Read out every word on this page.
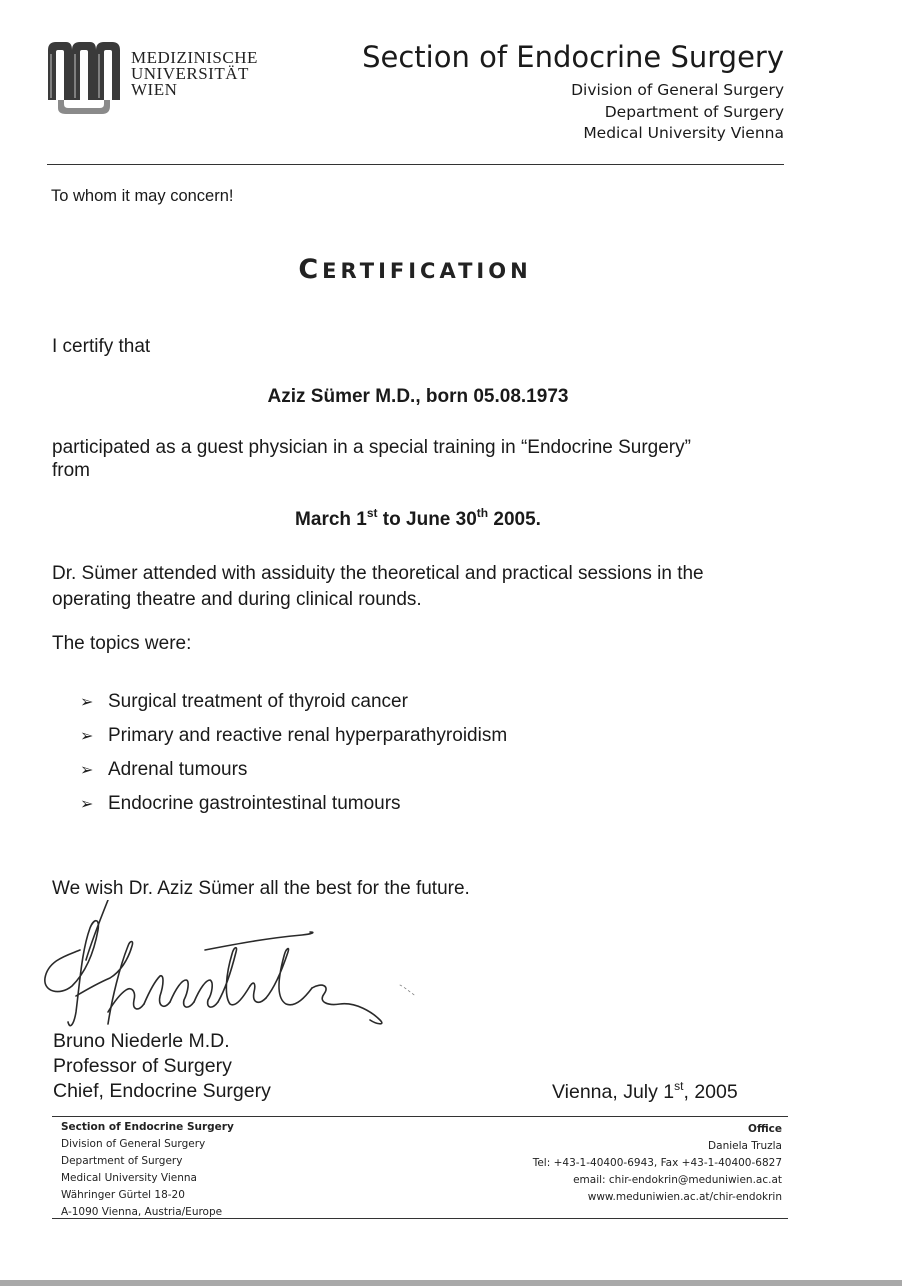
MEDIZINISCHE
UNIVERSITÄT
WIEN
Section of Endocrine Surgery
Division of General Surgery
Department of Surgery
Medical University Vienna
To whom it may concern!
CERTIFICATION
I certify that
Aziz Sümer M.D., born 05.08.1973
participated as a guest physician in a special training in “Endocrine Surgery”
from
March 1st to June 30th 2005.
Dr. Sümer attended with assiduity the theoretical and practical sessions in the
operating theatre and during clinical rounds.
The topics were:
➢ Surgical treatment of thyroid cancer
➢ Primary and reactive renal hyperparathyroidism
➢ Adrenal tumours
➢ Endocrine gastrointestinal tumours
We wish Dr. Aziz Sümer all the best for the future.
Bruno Niederle M.D.
Professor of Surgery
Chief, Endocrine Surgery	Vienna, July 1st, 2005
Section of Endocrine Surgery
Division of General Surgery
Department of Surgery
Medical University Vienna
Währinger Gürtel 18-20
A-1090 Vienna, Austria/Europe
Office
Daniela Truzla
Tel: +43-1-40400-6943, Fax +43-1-40400-6827
email: chir-endokrin@meduniwien.ac.at
www.meduniwien.ac.at/chir-endokrin
